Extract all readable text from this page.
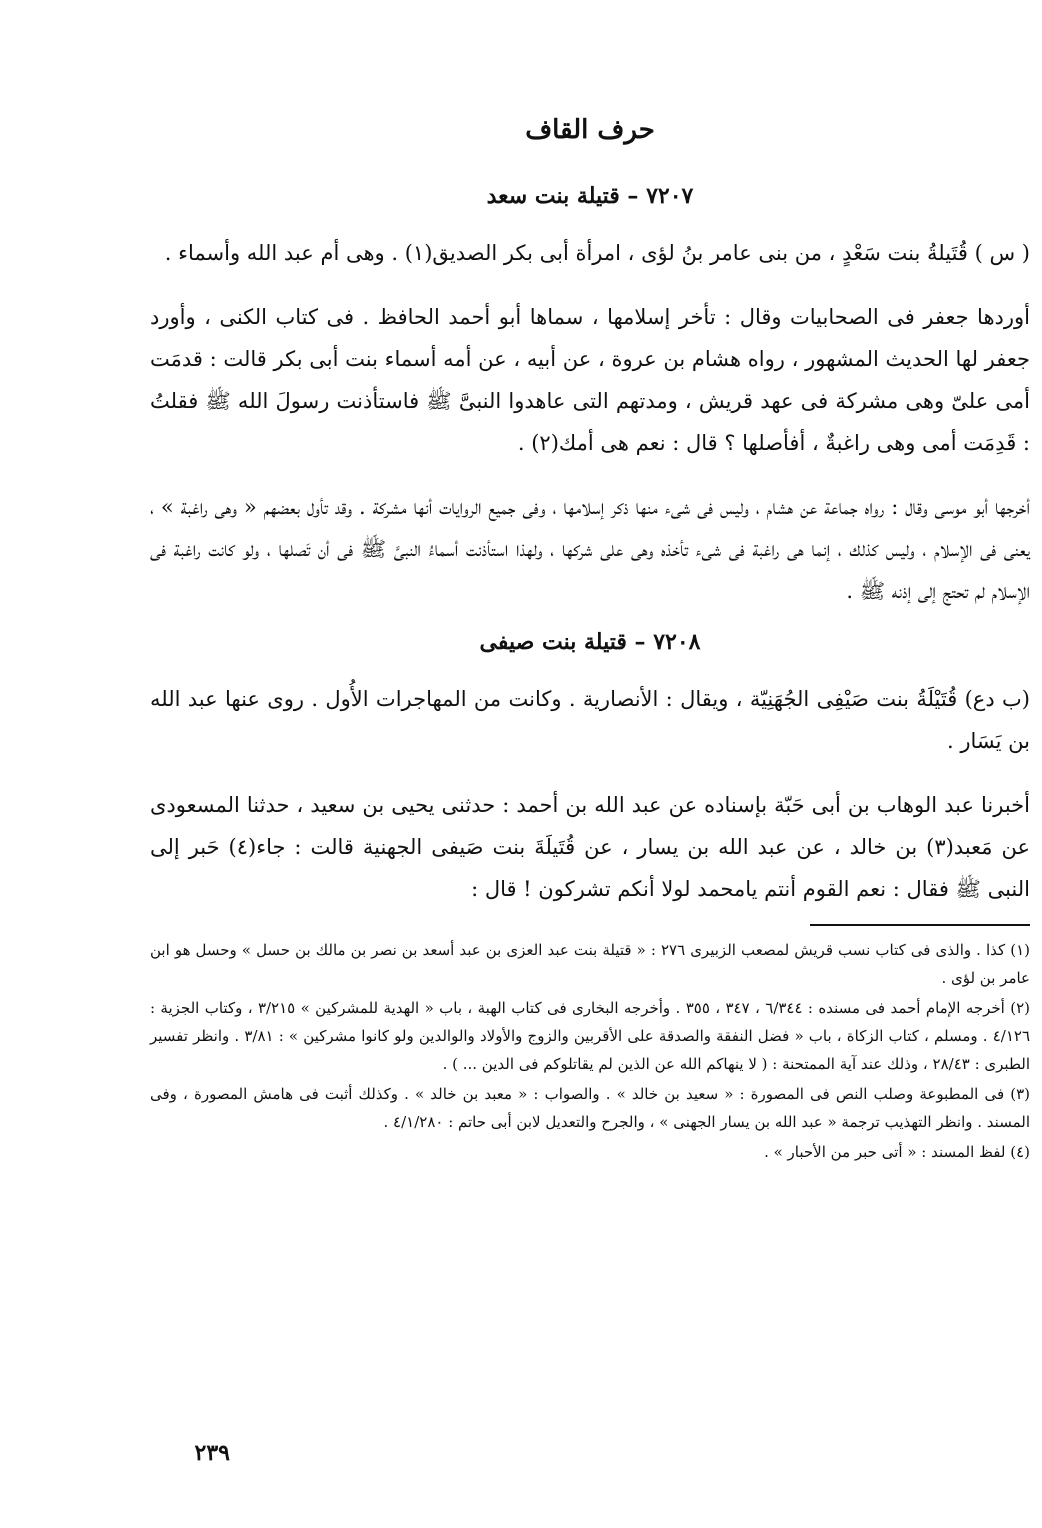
حرف القاف
٧٢٠٧ – قتيلة بنت سعد

( س ) قُتَيلةُ بنت سَعْدٍ ، من بنى عامر بنُ لؤى ، امرأة أبى بكر الصديق(١) . وهى أم عبد الله وأسماء .

أوردها جعفر فى الصحابيات وقال : تأخر إسلامها ، سماها أبو أحمد الحافظ . فى كتاب الكنى ، وأورد جعفر لها الحديث المشهور ، رواه هشام بن عروة ، عن أبيه ، عن أمه أسماء بنت أبى بكر قالت : قدمَت أمى علىّ وهى مشركة فى عهد قريش ، ومدتهم التى عاهدوا النبىَّ ﷺ فاستأذنت رسولَ الله ﷺ فقلتُ : قَدِمَت أمى وهى راغبةٌ ، أفأصلها ؟ قال : نعم هى أمك(٢) .

أخرجها أبو موسى وقال : رواه جماعة عن هشام ، وليس فى شىء منها ذكر إسلامها ، وفى جميع الروايات أنها مشركة . وقد تأول بعضهم « وهى راغبة » ، يعنى فى الإسلام ، وليس كذلك ، إنما هى راغبة فى شىء تأخذه وهى على شركها ، ولهذا استأذنت أسماءُ النبىَّ ﷺ فى أن تَصلها ، ولو كانت راغبة فى الإسلام لم تحتج إلى إذنه ﷺ .

٧٢٠٨ – قتيلة بنت صيفى

(ب دع) قُتَيْلَةُ بنت صَيْفِى الجُهَنِيّة ، ويقال : الأنصارية . وكانت من المهاجرات الأُول . روى عنها عبد الله بن يَسَار .

أخبرنا عبد الوهاب بن أبى حَبّة بإسناده عن عبد الله بن أحمد : حدثنى يحيى بن سعيد ، حدثنا المسعودى عن مَعبد(٣) بن خالد ، عن عبد الله بن يسار ، عن قُتَيلَةَ بنت صَيفى الجهنية قالت : جاء(٤) حَبر إلى النبى ﷺ فقال : نعم القوم أنتم يامحمد لولا أنكم تشركون ! قال :

(١) كذا . والذى فى كتاب نسب قريش لمصعب الزبيرى ٢٧٦ : « قتيلة بنت عبد العزى بن عبد أسعد بن نصر بن مالك بن حسل » وحسل هو ابن عامر بن لؤى .

(٢) أخرجه الإمام أحمد فى مسنده : ٦/٣٤٤ ، ٣٤٧ ، ٣٥٥ . وأخرجه البخارى فى كتاب الهبة ، باب « الهدية للمشركين » ٣/٢١٥ ، وكتاب الجزية : ٤/١٢٦ . ومسلم ، كتاب الزكاة ، باب « فضل النفقة والصدقة على الأقربين والزوج والأولاد والوالدين ولو كانوا مشركين » : ٣/٨١ . وانظر تفسير الطبرى : ٢٨/٤٣ ، وذلك عند آية الممتحنة : ( لا ينهاكم الله عن الذين لم يقاتلوكم فى الدين ... ) .

(٣) فى المطبوعة وصلب النص فى المصورة : « سعيد بن خالد » . والصواب : « معبد بن خالد » . وكذلك أثبت فى هامش المصورة ، وفى المسند . وانظر التهذيب ترجمة « عبد الله بن يسار الجهنى » ، والجرح والتعديل لابن أبى حاتم : ٤/١/٢٨٠ .

(٤) لفظ المسند : « أتى حبر من الأحبار » .

٢٣٩
